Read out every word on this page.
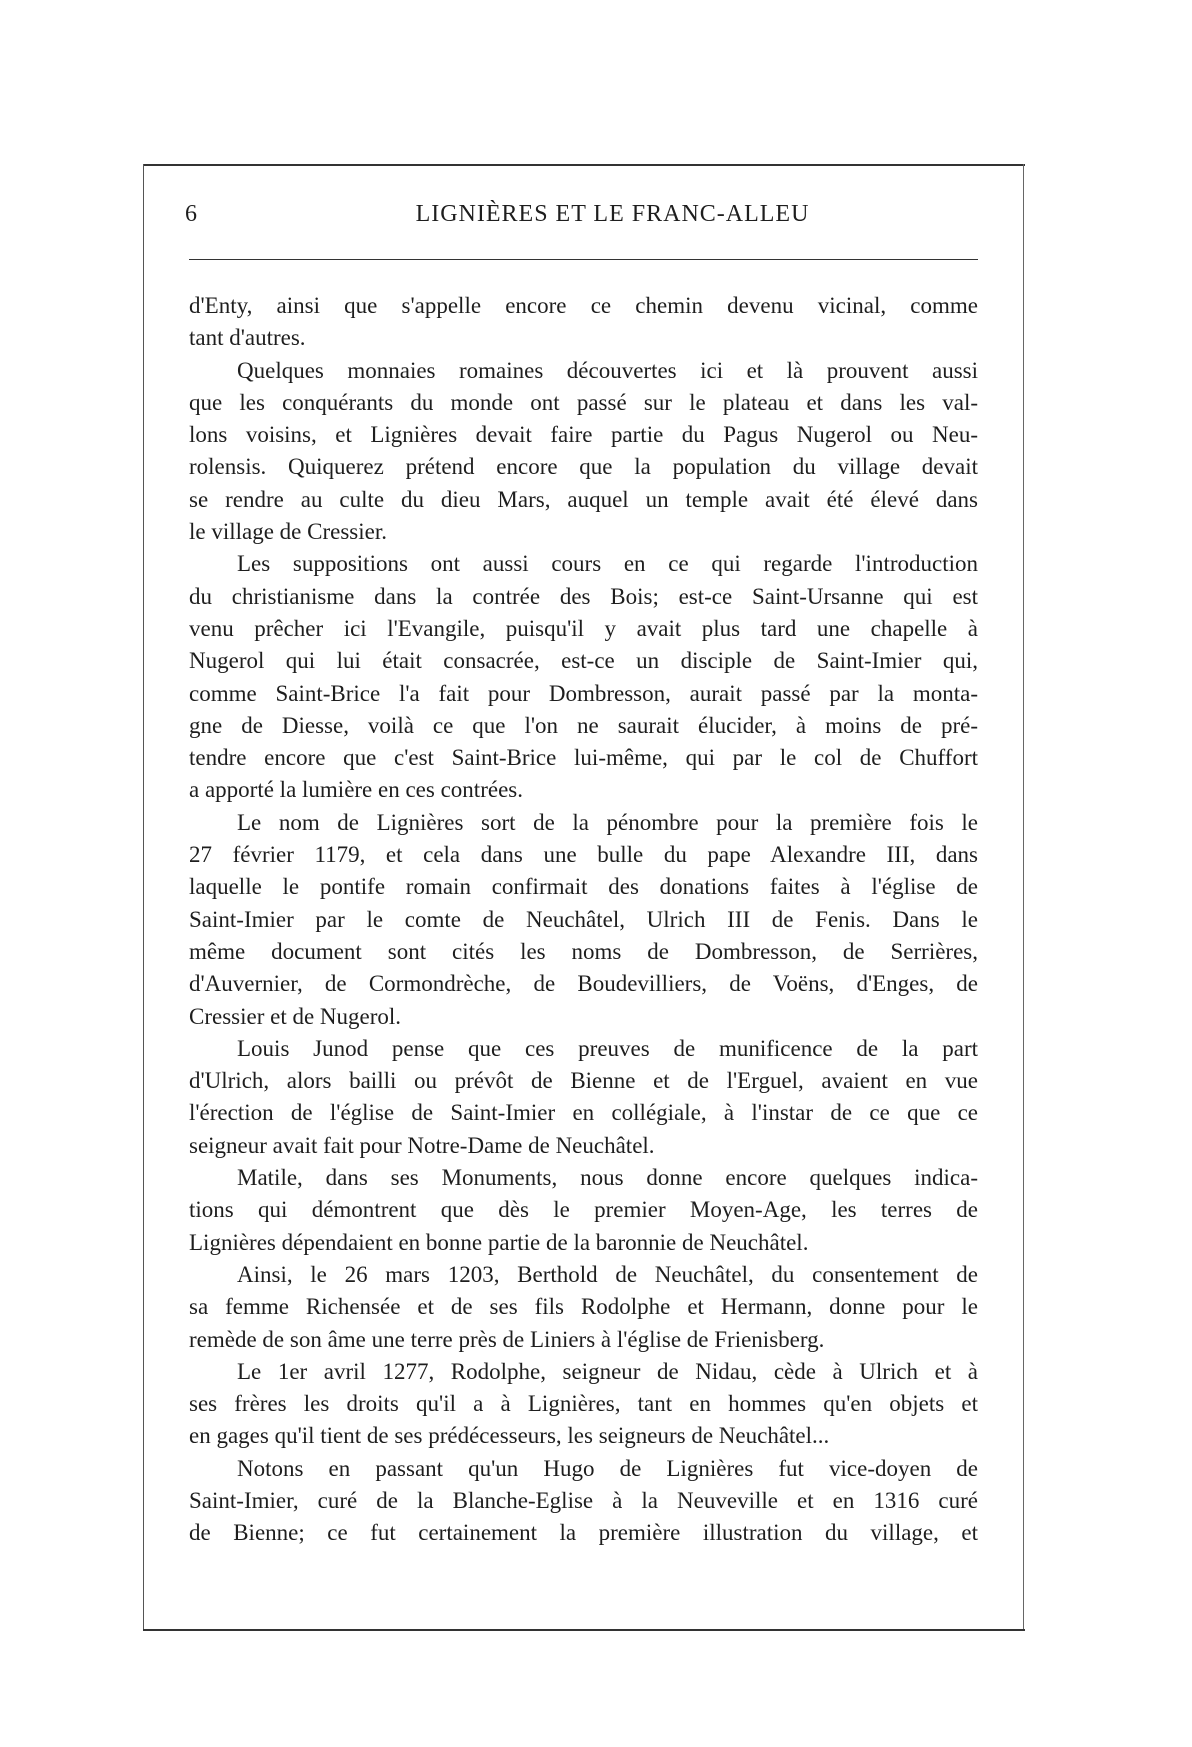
6	LIGNIÈRES ET LE FRANC-ALLEU
d'Enty, ainsi que s'appelle encore ce chemin devenu vicinal, comme
tant d'autres.
Quelques monnaies romaines découvertes ici et là prouvent aussi
que les conquérants du monde ont passé sur le plateau et dans les val-
lons voisins, et Lignières devait faire partie du Pagus Nugerol ou Neu-
rolensis. Quiquerez prétend encore que la population du village devait
se rendre au culte du dieu Mars, auquel un temple avait été élevé dans
le village de Cressier.
Les suppositions ont aussi cours en ce qui regarde l'introduction
du christianisme dans la contrée des Bois; est-ce Saint-Ursanne qui est
venu prêcher ici l'Evangile, puisqu'il y avait plus tard une chapelle à
Nugerol qui lui était consacrée, est-ce un disciple de Saint-Imier qui,
comme Saint-Brice l'a fait pour Dombresson, aurait passé par la monta-
gne de Diesse, voilà ce que l'on ne saurait élucider, à moins de pré-
tendre encore que c'est Saint-Brice lui-même, qui par le col de Chuffort
a apporté la lumière en ces contrées.
Le nom de Lignières sort de la pénombre pour la première fois le
27 février 1179, et cela dans une bulle du pape Alexandre III, dans
laquelle le pontife romain confirmait des donations faites à l'église de
Saint-Imier par le comte de Neuchâtel, Ulrich III de Fenis. Dans le
même document sont cités les noms de Dombresson, de Serrières,
d'Auvernier, de Cormondrèche, de Boudevilliers, de Voëns, d'Enges, de
Cressier et de Nugerol.
Louis Junod pense que ces preuves de munificence de la part
d'Ulrich, alors bailli ou prévôt de Bienne et de l'Erguel, avaient en vue
l'érection de l'église de Saint-Imier en collégiale, à l'instar de ce que ce
seigneur avait fait pour Notre-Dame de Neuchâtel.
Matile, dans ses Monuments, nous donne encore quelques indica-
tions qui démontrent que dès le premier Moyen-Age, les terres de
Lignières dépendaient en bonne partie de la baronnie de Neuchâtel.
Ainsi, le 26 mars 1203, Berthold de Neuchâtel, du consentement de
sa femme Richensée et de ses fils Rodolphe et Hermann, donne pour le
remède de son âme une terre près de Liniers à l'église de Frienisberg.
Le 1er avril 1277, Rodolphe, seigneur de Nidau, cède à Ulrich et à
ses frères les droits qu'il a à Lignières, tant en hommes qu'en objets et
en gages qu'il tient de ses prédécesseurs, les seigneurs de Neuchâtel...
Notons en passant qu'un Hugo de Lignières fut vice-doyen de
Saint-Imier, curé de la Blanche-Eglise à la Neuveville et en 1316 curé
de Bienne; ce fut certainement la première illustration du village, et
